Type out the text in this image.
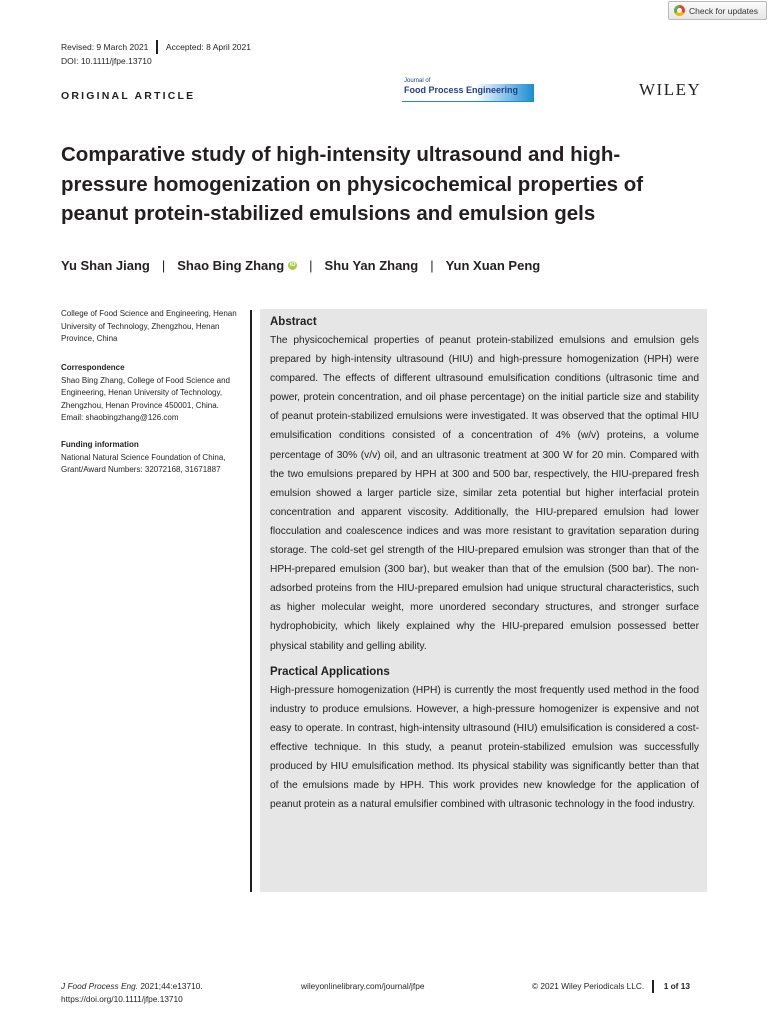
Check for updates
Revised: 9 March 2021 Accepted: 8 April 2021
DOI: 10.1111/jfpe.13710
ORIGINAL ARTICLE
Journal of
Food Process Engineering	WILEY
Comparative study of high-intensity ultrasound and high-pressure homogenization on physicochemical properties of peanut protein-stabilized emulsions and emulsion gels
Yu Shan Jiang | Shao Bing Zhang iD | Shu Yan Zhang | Yun Xuan Peng
College of Food Science and Engineering, Henan University of Technology, Zhengzhou, Henan Province, China
Correspondence
Shao Bing Zhang, College of Food Science and Engineering, Henan University of Technology, Zhengzhou, Henan Province 450001, China.
Email: shaobingzhang@126.com
Funding information
National Natural Science Foundation of China, Grant/Award Numbers: 32072168, 31671887
Abstract

The physicochemical properties of peanut protein-stabilized emulsions and emulsion gels prepared by high-intensity ultrasound (HIU) and high-pressure homogenization (HPH) were compared. The effects of different ultrasound emulsification conditions (ultrasonic time and power, protein concentration, and oil phase percentage) on the initial particle size and stability of peanut protein-stabilized emulsions were investigated. It was observed that the optimal HIU emulsification conditions consisted of a concentration of 4% (w/v) proteins, a volume percentage of 30% (v/v) oil, and an ultrasonic treatment at 300 W for 20 min. Compared with the two emulsions prepared by HPH at 300 and 500 bar, respectively, the HIU-prepared fresh emulsion showed a larger particle size, similar zeta potential but higher interfacial protein concentration and apparent viscosity. Additionally, the HIU-prepared emulsion had lower flocculation and coalescence indices and was more resistant to gravitation separation during storage. The cold-set gel strength of the HIU-prepared emulsion was stronger than that of the HPH-prepared emulsion (300 bar), but weaker than that of the emulsion (500 bar). The non-adsorbed proteins from the HIU-prepared emulsion had unique structural characteristics, such as higher molecular weight, more unordered secondary structures, and stronger surface hydrophobicity, which likely explained why the HIU-prepared emulsion possessed better physical stability and gelling ability.

Practical Applications

High-pressure homogenization (HPH) is currently the most frequently used method in the food industry to produce emulsions. However, a high-pressure homogenizer is expensive and not easy to operate. In contrast, high-intensity ultrasound (HIU) emulsification is considered a cost-effective technique. In this study, a peanut protein-stabilized emulsion was successfully produced by HIU emulsification method. Its physical stability was significantly better than that of the emulsions made by HPH. This work provides new knowledge for the application of peanut protein as a natural emulsifier combined with ultrasonic technology in the food industry.

J Food Process Eng. 2021;44:e13710.
https://doi.org/10.1111/jfpe.13710
wileyonlinelibrary.com/journal/jfpe	© 2021 Wiley Periodicals LLC. 1 of 13
